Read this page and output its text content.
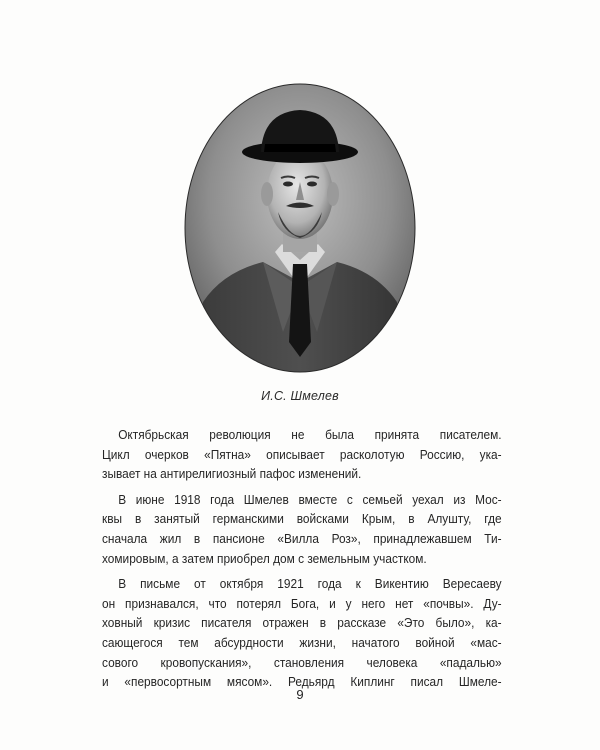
И.С. Шмелев

Октябрьская революция не была принята писателем.
Цикл очерков «Пятна» описывает расколотую Россию, ука-
зывает на антирелигиозный пафос изменений.

В июне 1918 года Шмелев вместе с семьей уехал из Мос-
квы в занятый германскими войсками Крым, в Алушту, где
сначала жил в пансионе «Вилла Роз», принадлежавшем Ти-
хомировым, а затем приобрел дом с земельным участком.

В письме от октября 1921 года к Викентию Вересаеву
он признавался, что потерял Бога, и у него нет «почвы». Ду-
ховный кризис писателя отражен в рассказе «Это было», ка-
сающегося тем абсурдности жизни, начатого войной «мас-
сового кровопускания», становления человека «падалью»
и «первосортным мясом». Редьярд Киплинг писал Шмеле-

9
